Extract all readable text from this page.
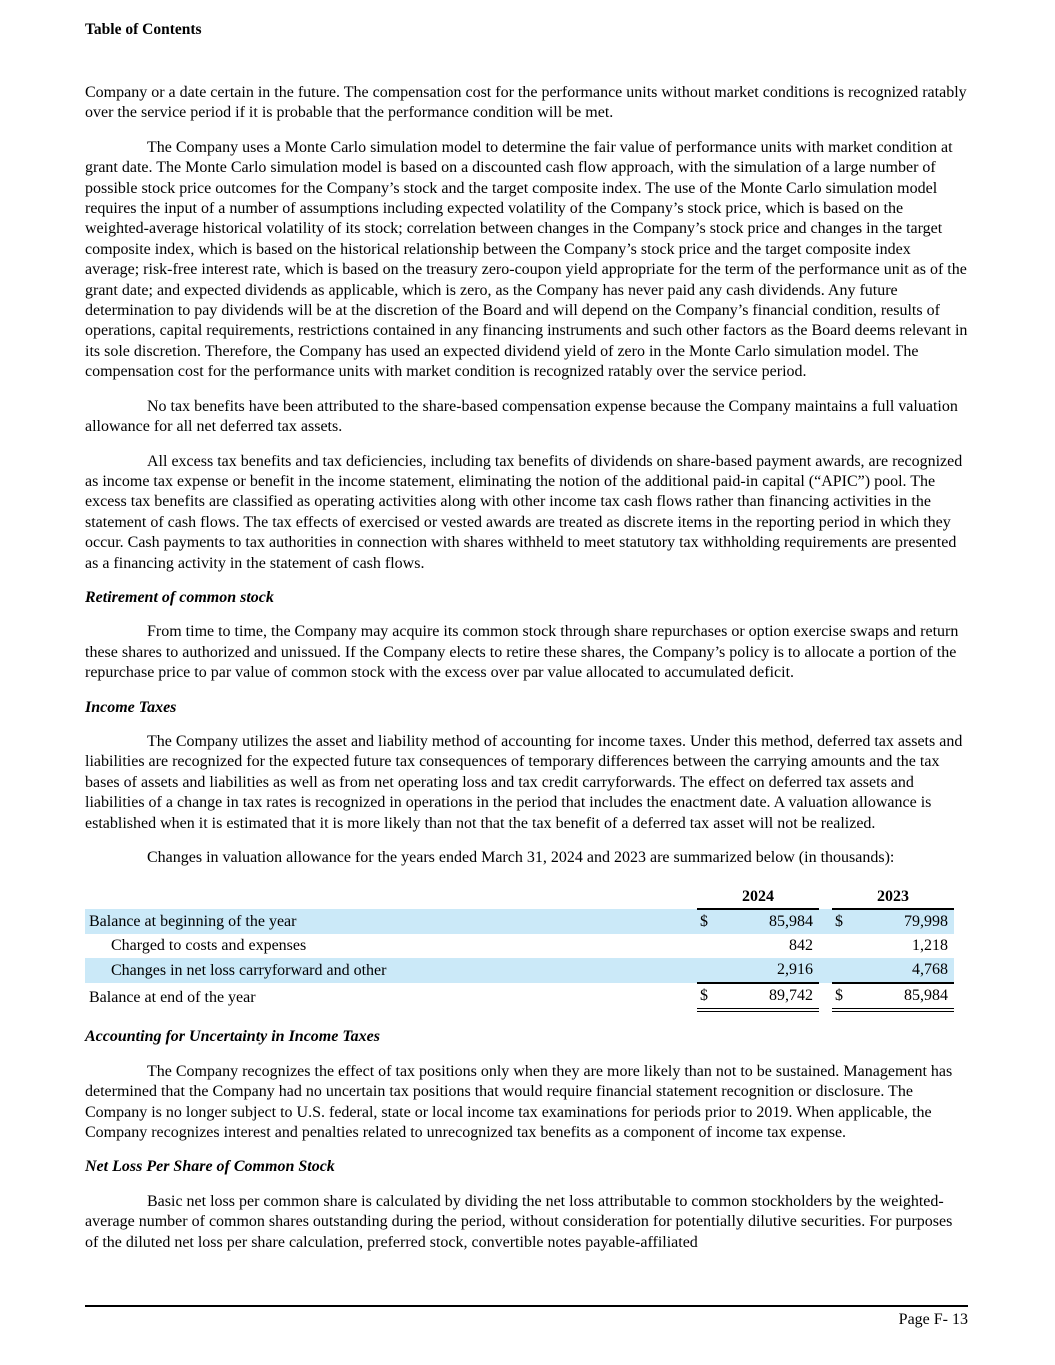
Table of Contents

Company or a date certain in the future. The compensation cost for the performance units without market conditions is recognized ratably over the service period if it is probable that the performance condition will be met.

The Company uses a Monte Carlo simulation model to determine the fair value of performance units with market condition at grant date. The Monte Carlo simulation model is based on a discounted cash flow approach, with the simulation of a large number of possible stock price outcomes for the Company’s stock and the target composite index. The use of the Monte Carlo simulation model requires the input of a number of assumptions including expected volatility of the Company’s stock price, which is based on the weighted-average historical volatility of its stock; correlation between changes in the Company’s stock price and changes in the target composite index, which is based on the historical relationship between the Company’s stock price and the target composite index average; risk-free interest rate, which is based on the treasury zero-coupon yield appropriate for the term of the performance unit as of the grant date; and expected dividends as applicable, which is zero, as the Company has never paid any cash dividends. Any future determination to pay dividends will be at the discretion of the Board and will depend on the Company’s financial condition, results of operations, capital requirements, restrictions contained in any financing instruments and such other factors as the Board deems relevant in its sole discretion. Therefore, the Company has used an expected dividend yield of zero in the Monte Carlo simulation model. The compensation cost for the performance units with market condition is recognized ratably over the service period.

No tax benefits have been attributed to the share-based compensation expense because the Company maintains a full valuation allowance for all net deferred tax assets.

All excess tax benefits and tax deficiencies, including tax benefits of dividends on share-based payment awards, are recognized as income tax expense or benefit in the income statement, eliminating the notion of the additional paid-in capital (“APIC”) pool. The excess tax benefits are classified as operating activities along with other income tax cash flows rather than financing activities in the statement of cash flows. The tax effects of exercised or vested awards are treated as discrete items in the reporting period in which they occur. Cash payments to tax authorities in connection with shares withheld to meet statutory tax withholding requirements are presented as a financing activity in the statement of cash flows.

Retirement of common stock

From time to time, the Company may acquire its common stock through share repurchases or option exercise swaps and return these shares to authorized and unissued. If the Company elects to retire these shares, the Company’s policy is to allocate a portion of the repurchase price to par value of common stock with the excess over par value allocated to accumulated deficit.

Income Taxes

The Company utilizes the asset and liability method of accounting for income taxes. Under this method, deferred tax assets and liabilities are recognized for the expected future tax consequences of temporary differences between the carrying amounts and the tax bases of assets and liabilities as well as from net operating loss and tax credit carryforwards. The effect on deferred tax assets and liabilities of a change in tax rates is recognized in operations in the period that includes the enactment date. A valuation allowance is established when it is estimated that it is more likely than not that the tax benefit of a deferred tax asset will not be realized.

Changes in valuation allowance for the years ended March 31, 2024 and 2023 are summarized below (in thousands):

	2024			2023	
Balance at beginning of the year	$	85,984		$	79,998
Charged to costs and expenses		842			1,218
Changes in net loss carryforward and other		2,916			4,768
Balance at end of the year	$	89,742		$	85,984
Accounting for Uncertainty in Income Taxes

The Company recognizes the effect of tax positions only when they are more likely than not to be sustained. Management has determined that the Company had no uncertain tax positions that would require financial statement recognition or disclosure. The Company is no longer subject to U.S. federal, state or local income tax examinations for periods prior to 2019. When applicable, the Company recognizes interest and penalties related to unrecognized tax benefits as a component of income tax expense.

Net Loss Per Share of Common Stock

Basic net loss per common share is calculated by dividing the net loss attributable to common stockholders by the weighted-average number of common shares outstanding during the period, without consideration for potentially dilutive securities. For purposes of the diluted net loss per share calculation, preferred stock, convertible notes payable-affiliated

Page F- 13
